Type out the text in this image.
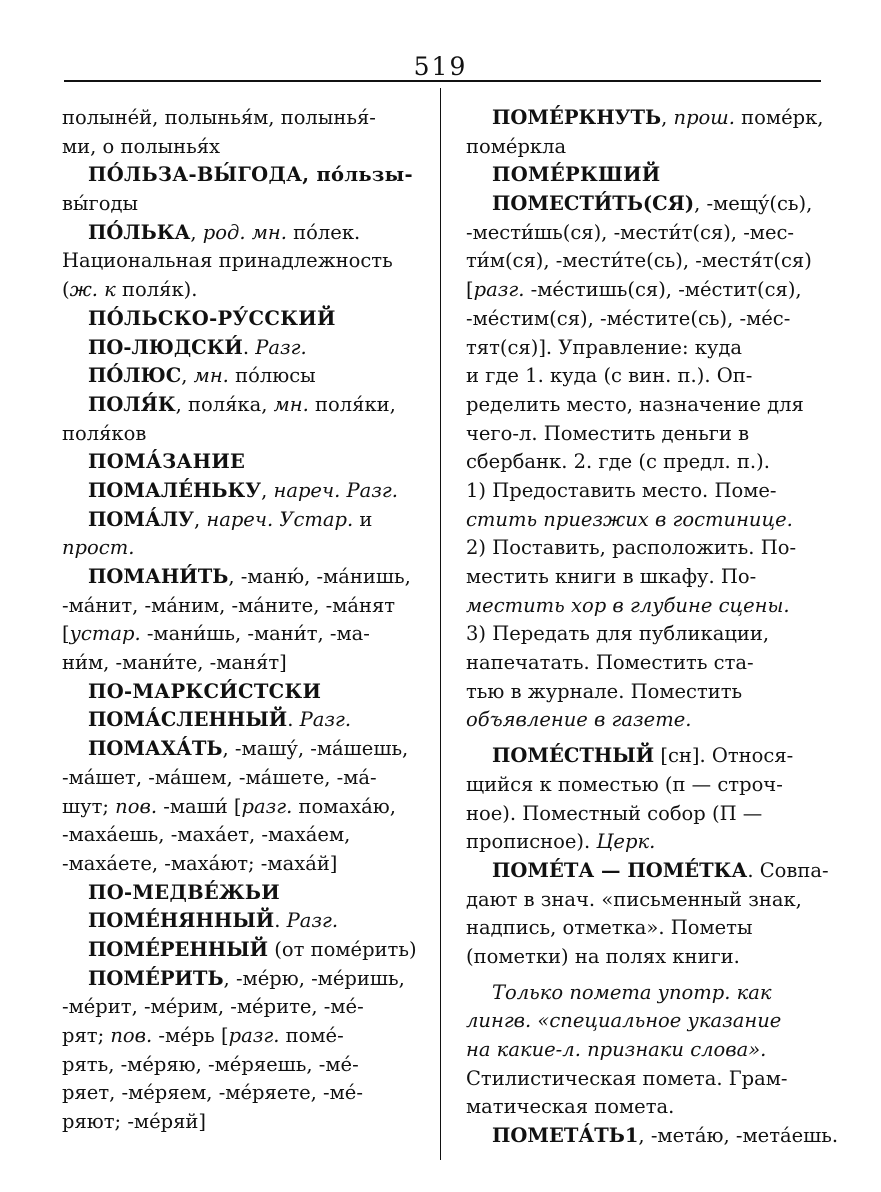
519
полыне́й, полынья́м, полынья́-
ми, о полынья́х
ПО́ЛЬЗА-ВЫ́ГОДА, по́льзы-
вы́годы
ПО́ЛЬКА, род. мн. по́лек.
Национальная принадлежность
(ж. к поля́к).
ПО́ЛЬСКО-РУ́ССКИЙ
ПО-ЛЮДСКИ́. Разг.
ПО́ЛЮС, мн. по́люсы
ПОЛЯ́К, поля́ка, мн. поля́ки,
поля́ков
ПОМА́ЗАНИЕ
ПОМАЛЕ́НЬКУ, нареч. Разг.
ПОМА́ЛУ, нареч. Устар. и
прост.
ПОМАНИ́ТЬ, -маню́, -ма́нишь,
-ма́нит, -ма́ним, -ма́ните, -ма́нят
[устар. -мани́шь, -мани́т, -ма-
ни́м, -мани́те, -маня́т]
ПО-МАРКСИ́СТСКИ
ПОМА́СЛЕННЫЙ. Разг.
ПОМАХА́ТЬ, -машу́, -ма́шешь,
-ма́шет, -ма́шем, -ма́шете, -ма́-
шут; пов. -маши́ [разг. помаха́ю,
-маха́ешь, -маха́ет, -маха́ем,
-маха́ете, -маха́ют; -маха́й]
ПО-МЕДВЕ́ЖЬИ
ПОМЕ́НЯННЫЙ. Разг.
ПОМЕ́РЕННЫЙ (от поме́рить)
ПОМЕ́РИТЬ, -ме́рю, -ме́ришь,
-ме́рит, -ме́рим, -ме́рите, -ме́-
рят; пов. -ме́рь [разг. поме́-
рять, -ме́ряю, -ме́ряешь, -ме́-
ряет, -ме́ряем, -ме́ряете, -ме́-
ряют; -ме́ряй]
ПОМЕ́РКНУТЬ, прош. поме́рк,
поме́ркла
ПОМЕ́РКШИЙ
ПОМЕСТИ́ТЬ(СЯ), -мещу́(сь),
-мести́шь(ся), -мести́т(ся), -мес-
ти́м(ся), -мести́те(сь), -местя́т(ся)
[разг. -ме́стишь(ся), -ме́стит(ся),
-ме́стим(ся), -ме́стите(сь), -ме́с-
тят(ся)]. Управление: куда
и где 1. куда (с вин. п.). Оп-
ределить место, назначение для
чего-л. Поместить деньги в
сбербанк. 2. где (с предл. п.).
1) Предоставить место. Поме-
стить приезжих в гостинице.
2) Поставить, расположить. По-
местить книги в шкафу. По-
местить хор в глубине сцены.
3) Передать для публикации,
напечатать. Поместить ста-
тью в журнале. Поместить
объявление в газете.
ПОМЕ́СТНЫЙ [сн]. Относя-
щийся к поместью (п — строч-
ное). Поместный собор (П —
прописное). Церк.
ПОМЕ́ТА — ПОМЕ́ТКА. Совпа-
дают в знач. «письменный знак,
надпись, отметка». Пометы
(пометки) на полях книги.
Только помета употр. как
лингв. «специальное указание
на какие-л. признаки слова».
Стилистическая помета. Грам-
матическая помета.
ПОМЕТА́ТЬ1, -мета́ю, -мета́ешь.
